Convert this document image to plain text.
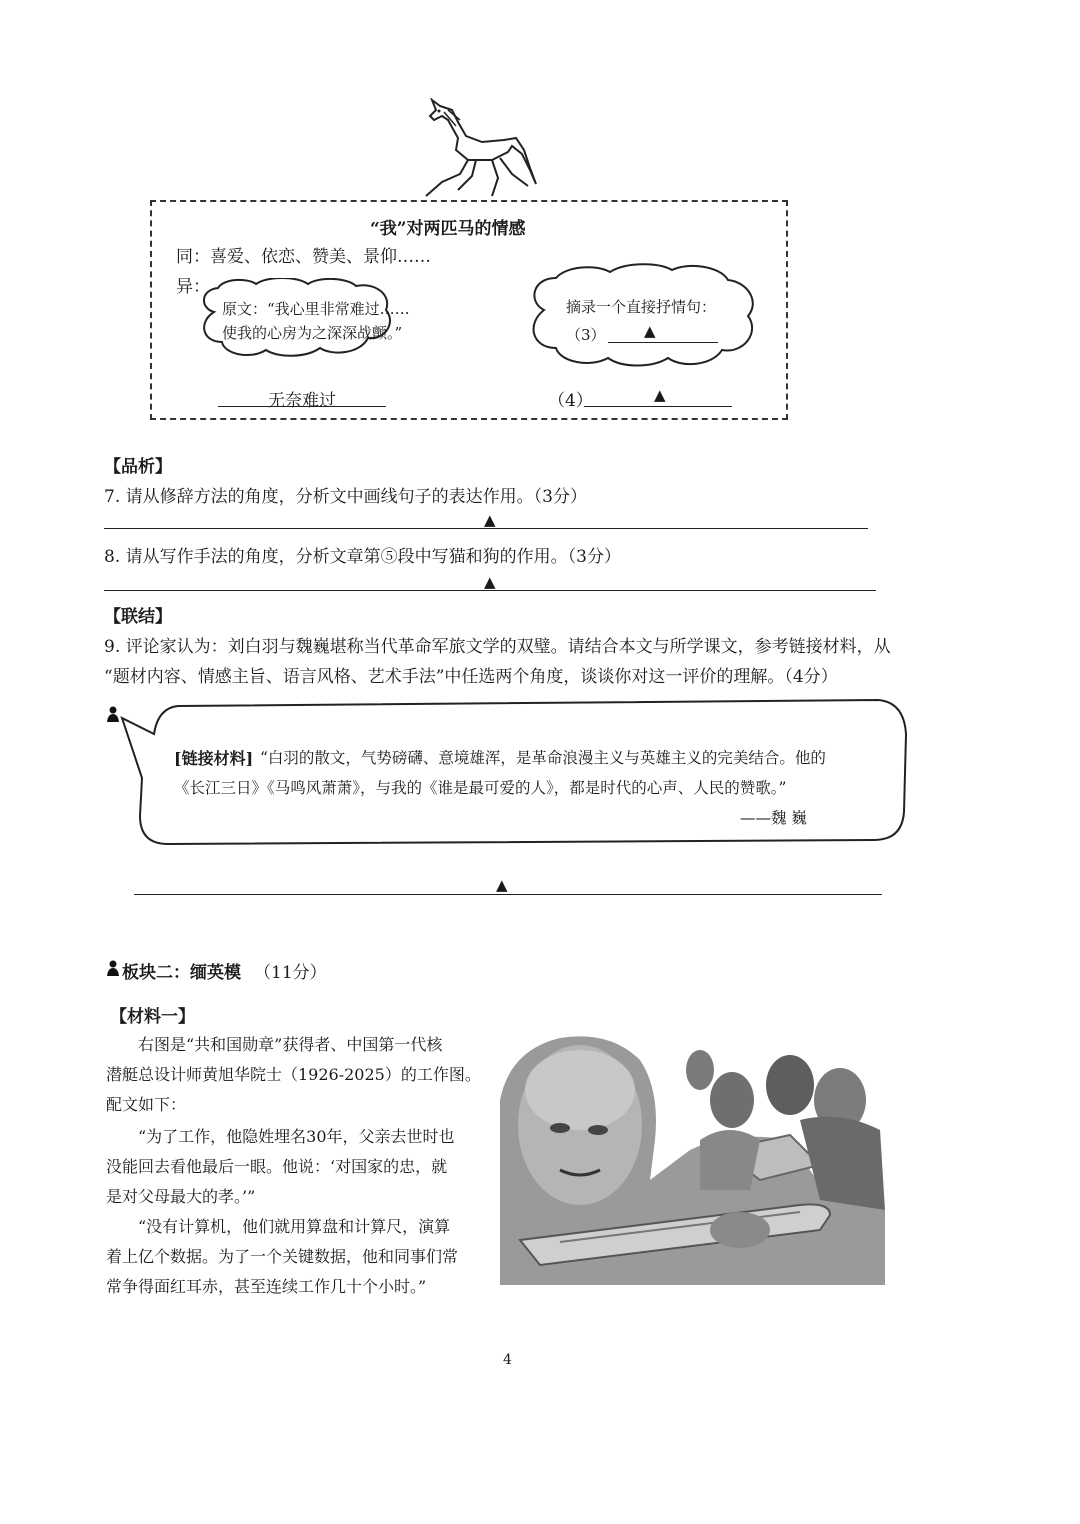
“我”对两匹马的情感
同：喜爱、依恋、赞美、景仰……
异：
原文：“我心里非常难过……
使我的心房为之深深战颤。”
摘录一个直接抒情句：
（3）	▲
无奈难过	（4）	▲
【品析】
7. 请从修辞方法的角度，分析文中画线句子的表达作用。（3分）
▲
8. 请从写作手法的角度，分析文章第⑤段中写猫和狗的作用。（3分）
▲
【联结】
9. 评论家认为：刘白羽与魏巍堪称当代革命军旅文学的双璧。请结合本文与所学课文，参考链接材料，从
“题材内容、情感主旨、语言风格、艺术手法”中任选两个角度，谈谈你对这一评价的理解。（4分）
[链接材料] “白羽的散文，气势磅礴、意境雄浑，是革命浪漫主义与英雄主义的完美结合。他的
《长江三日》《马鸣风萧萧》，与我的《谁是最可爱的人》，都是时代的心声、人民的赞歌。”
——魏 巍
▲
板块二：缅英模 （11分）
【材料一】
右图是“共和国勋章”获得者、中国第一代核
潜艇总设计师黄旭华院士（1926-2025）的工作图。
配文如下：
“为了工作，他隐姓埋名30年，父亲去世时也
没能回去看他最后一眼。他说：‘对国家的忠，就
是对父母最大的孝。’”
“没有计算机，他们就用算盘和计算尺，演算
着上亿个数据。为了一个关键数据，他和同事们常
常争得面红耳赤，甚至连续工作几十个小时。”
4
